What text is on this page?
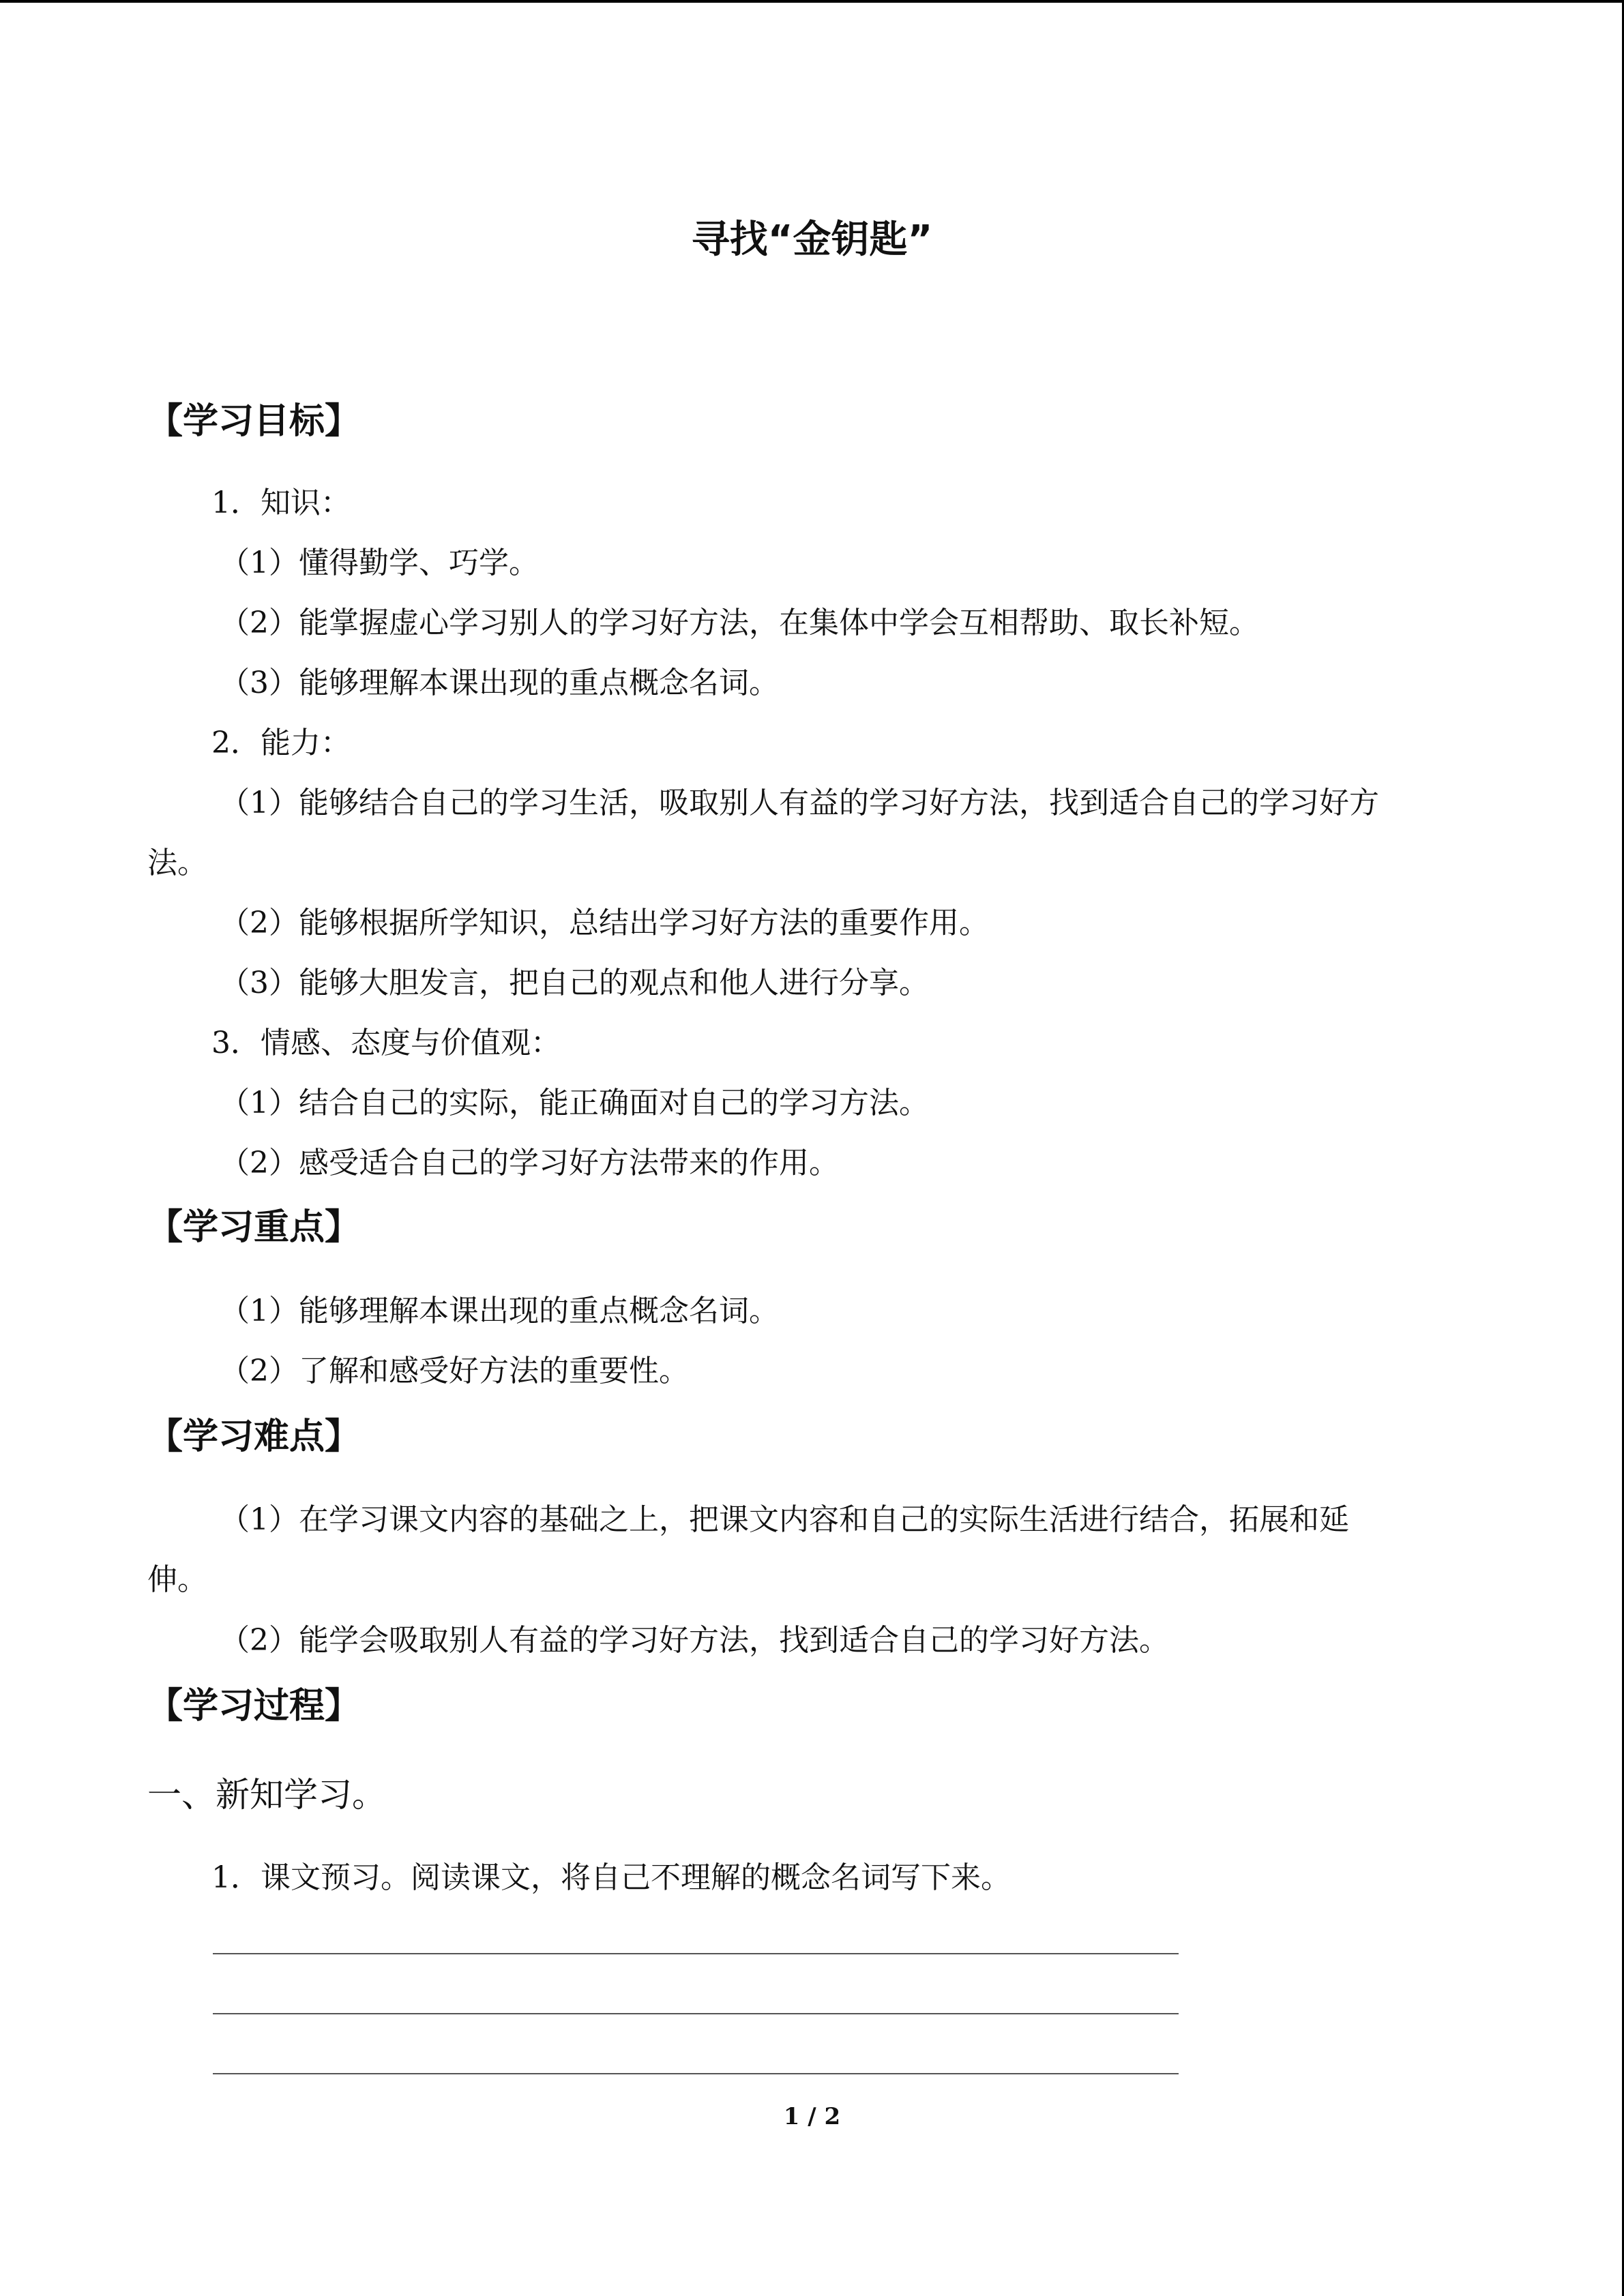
寻找“金钥匙”
【学习目标】
1．知识：
（1）懂得勤学、巧学。
（2）能掌握虚心学习别人的学习好方法，在集体中学会互相帮助、取长补短。
（3）能够理解本课出现的重点概念名词。
2．能力：
（1）能够结合自己的学习生活，吸取别人有益的学习好方法，找到适合自己的学习好方
法。
（2）能够根据所学知识，总结出学习好方法的重要作用。
（3）能够大胆发言，把自己的观点和他人进行分享。
3．情感、态度与价值观：
（1）结合自己的实际，能正确面对自己的学习方法。
（2）感受适合自己的学习好方法带来的作用。
【学习重点】
（1）能够理解本课出现的重点概念名词。
（2）了解和感受好方法的重要性。
【学习难点】
（1）在学习课文内容的基础之上，把课文内容和自己的实际生活进行结合，拓展和延
伸。
（2）能学会吸取别人有益的学习好方法，找到适合自己的学习好方法。
【学习过程】
一、新知学习。
1．课文预习。阅读课文，将自己不理解的概念名词写下来。
1 / 2
